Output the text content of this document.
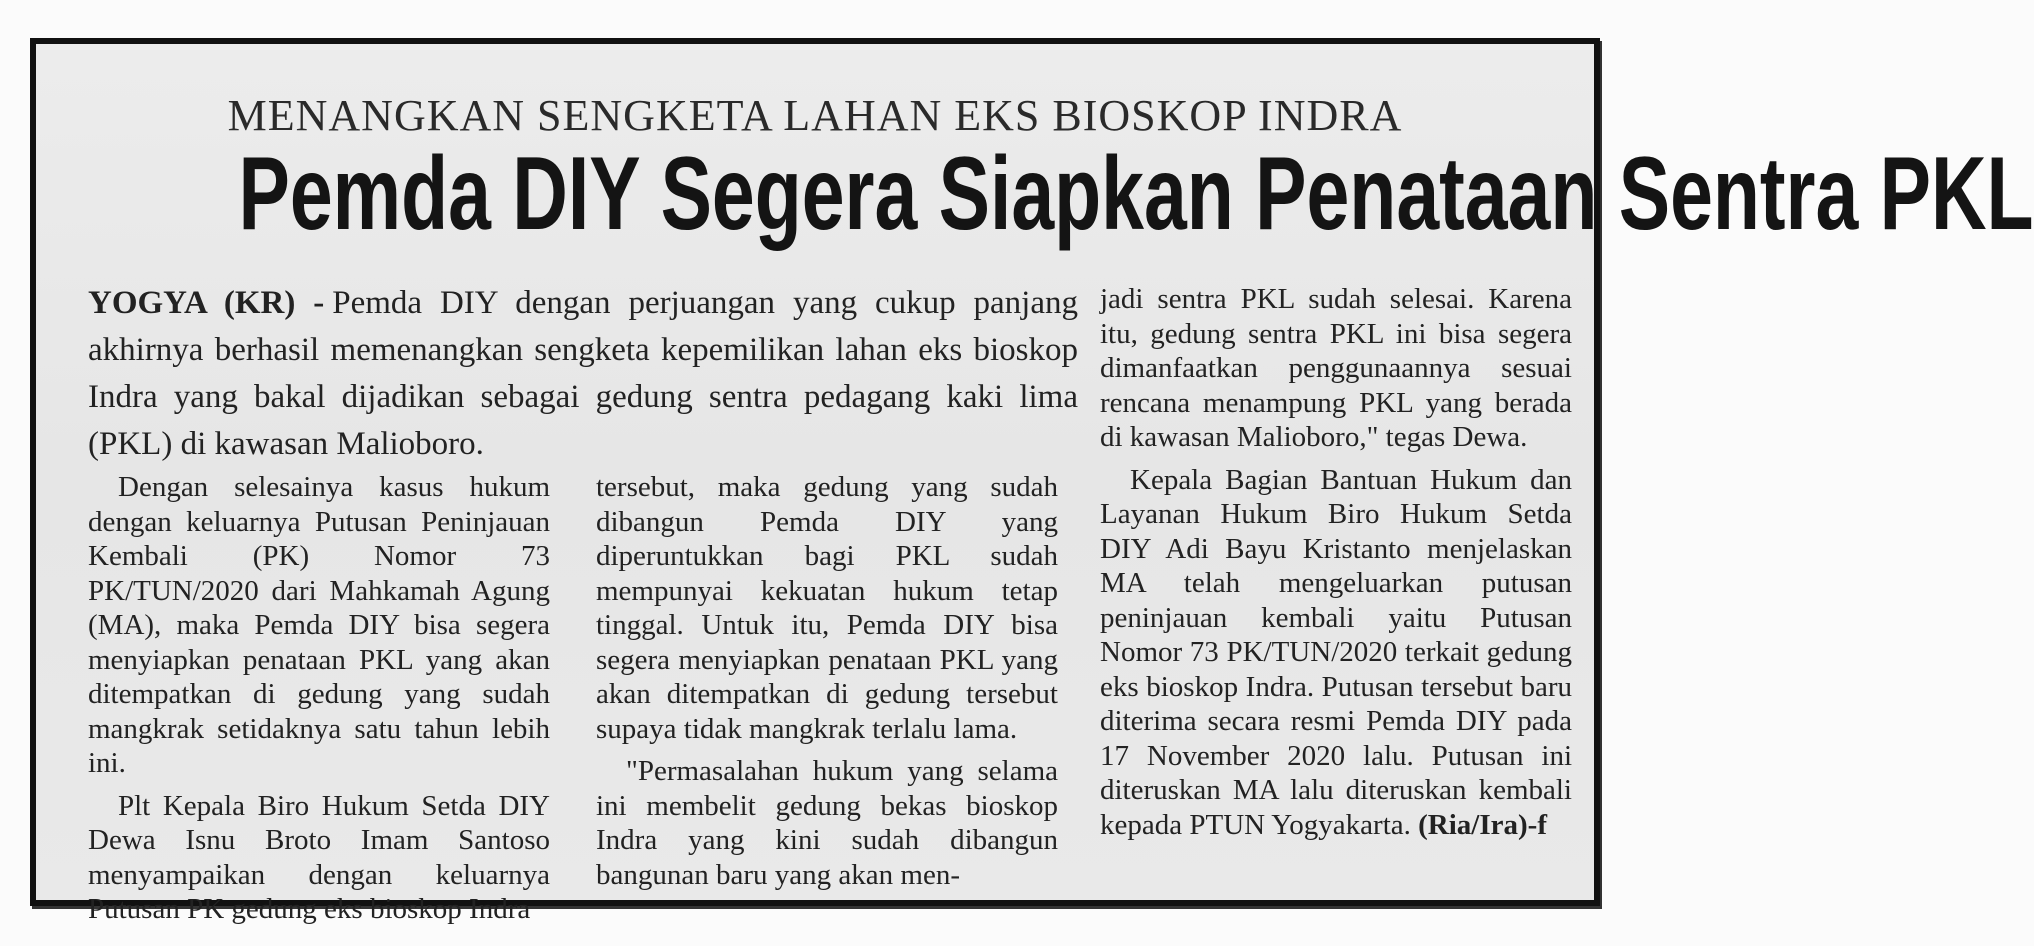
MENANGKAN SENGKETA LAHAN EKS BIOSKOP INDRA
Pemda DIY Segera Siapkan Penataan Sentra PKL
YOGYA (KR) - Pemda DIY dengan perjuangan yang cukup panjang akhirnya berhasil memenangkan sengketa kepemilikan lahan eks bioskop Indra yang bakal dijadikan sebagai gedung sentra pedagang kaki lima (PKL) di kawasan Malioboro.

Dengan selesainya kasus hukum dengan keluarnya Putusan Peninjauan Kembali (PK) Nomor 73 PK/TUN/2020 dari Mahkamah Agung (MA), maka Pemda DIY bisa segera menyiapkan penataan PKL yang akan ditempatkan di gedung yang sudah mangkrak setidaknya satu tahun lebih ini.

Plt Kepala Biro Hukum Setda DIY Dewa Isnu Broto Imam Santoso menyampaikan dengan keluarnya Putusan PK gedung eks bioskop Indra

tersebut, maka gedung yang sudah dibangun Pemda DIY yang diperuntukkan bagi PKL sudah mempunyai kekuatan hukum tetap tinggal. Untuk itu, Pemda DIY bisa segera menyiapkan penataan PKL yang akan ditempatkan di gedung tersebut supaya tidak mangkrak terlalu lama.

"Permasalahan hukum yang selama ini membelit gedung bekas bioskop Indra yang kini sudah dibangun bangunan baru yang akan men-

jadi sentra PKL sudah selesai. Karena itu, gedung sentra PKL ini bisa segera dimanfaatkan penggunaannya sesuai rencana menampung PKL yang berada di kawasan Malioboro," tegas Dewa.

Kepala Bagian Bantuan Hukum dan Layanan Hukum Biro Hukum Setda DIY Adi Bayu Kristanto menjelaskan MA telah mengeluarkan putusan peninjauan kembali yaitu Putusan Nomor 73 PK/TUN/2020 terkait gedung eks bioskop Indra. Putusan tersebut baru diterima secara resmi Pemda DIY pada 17 November 2020 lalu. Putusan ini diteruskan MA lalu diteruskan kembali kepada PTUN Yogyakarta. (Ria/Ira)-f
